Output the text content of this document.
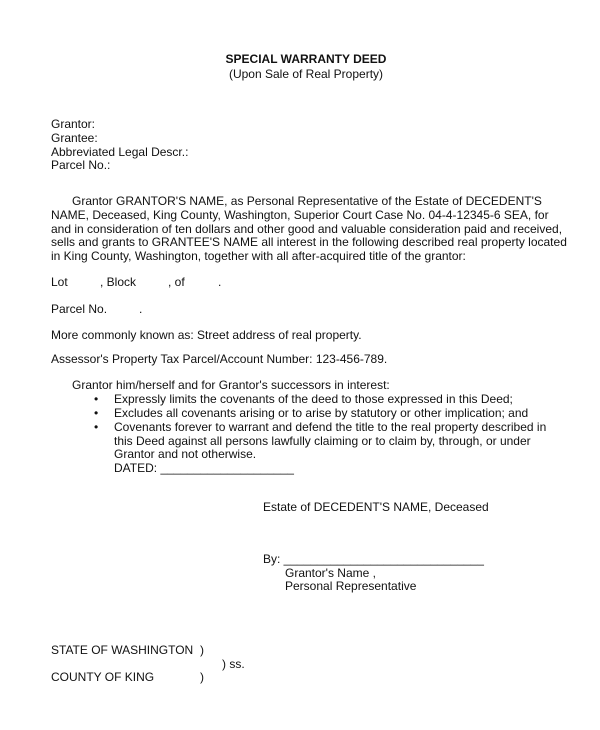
SPECIAL WARRANTY DEED
(Upon Sale of Real Property)
Grantor:
Grantee:
Abbreviated Legal Descr.:
Parcel No.:
Grantor GRANTOR'S NAME, as Personal Representative of the Estate of DECEDENT'S
NAME, Deceased, King County, Washington, Superior Court Case No. 04-4-12345-6 SEA, for
and in consideration of ten dollars and other good and valuable consideration paid and received,
sells and grants to GRANTEE'S NAME all interest in the following described real property located
in King County, Washington, together with all after-acquired title of the grantor:
Lot	, Block	, of	.
Parcel No.	.
More commonly known as: Street address of real property.
Assessor's Property Tax Parcel/Account Number: 123-456-789.
Grantor him/herself and for Grantor's successors in interest:
• Expressly limits the covenants of the deed to those expressed in this Deed;
• Excludes all covenants arising or to arise by statutory or other implication; and
• Covenants forever to warrant and defend the title to the real property described in
this Deed against all persons lawfully claiming or to claim by, through, or under
Grantor and not otherwise.
DATED: ____________________
Estate of DECEDENT'S NAME, Deceased
By: ______________________________
Grantor's Name ,
Personal Representative
STATE OF WASHINGTON )
) ss.
COUNTY OF KING	)
